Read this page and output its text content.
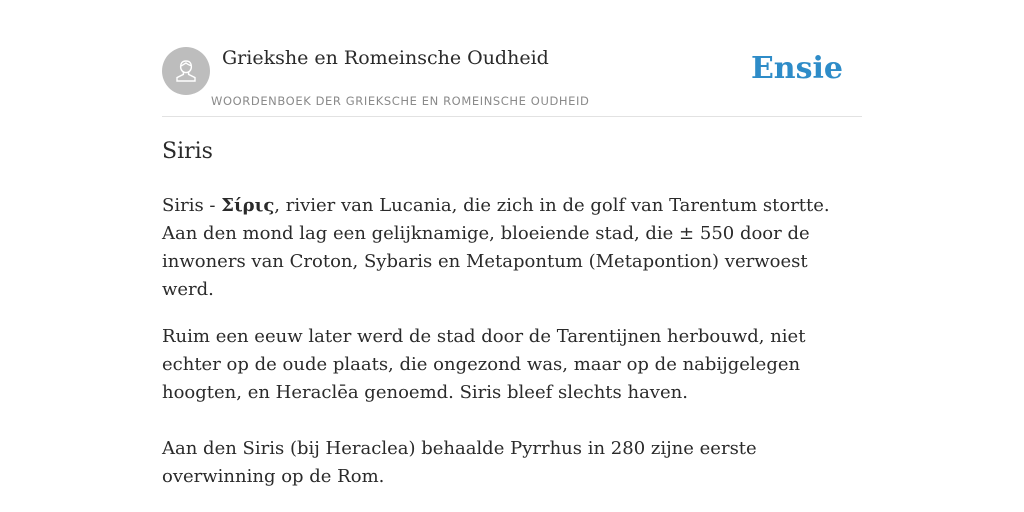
Griekshe en Romeinsche Oudheid
WOORDENBOEK DER GRIEKSCHE EN ROMEINSCHE OUDHEID
Ensie
Siris

Siris - Σίρις, rivier van Lucania, die zich in de golf van Tarentum stortte. Aan den mond lag een gelijknamige, bloeiende stad, die ± 550 door de inwoners van Croton, Sybaris en Metapontum (Metapontion) verwoest werd.

Ruim een eeuw later werd de stad door de Tarentijnen herbouwd, niet echter op de oude plaats, die ongezond was, maar op de nabijgelegen hoogten, en Heraclēa genoemd. Siris bleef slechts haven.

Aan den Siris (bij Heraclea) behaalde Pyrrhus in 280 zijne eerste overwinning op de Rom.
